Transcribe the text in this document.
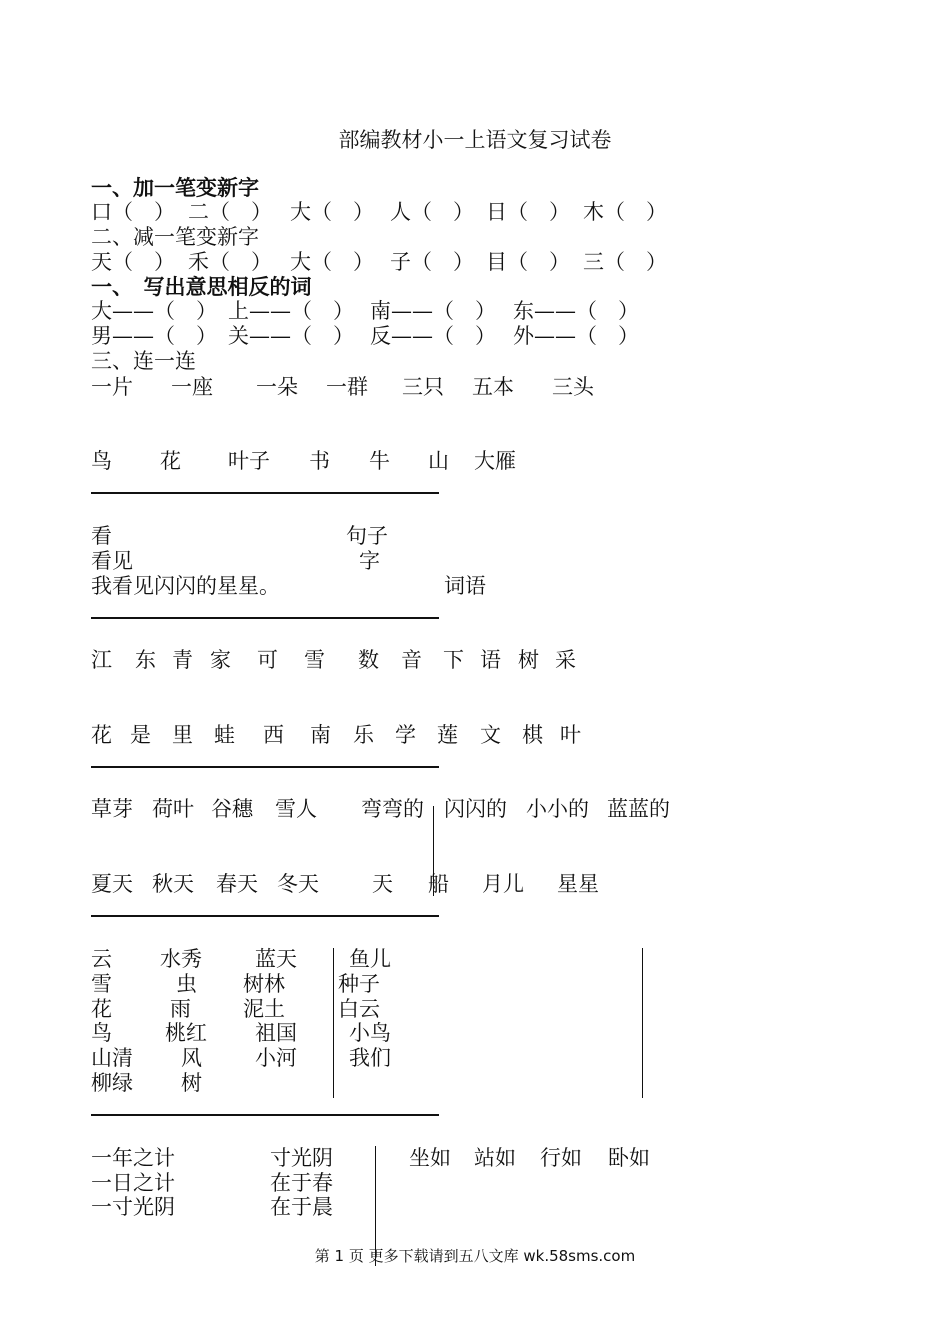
部编教材小一上语文复习试卷
一、加一笔变新字
口（　） 二（　） 大（　） 人（　） 日（　） 木（　）
二、减一笔变新字
天（　） 禾（　） 大（　） 子（　） 目（　） 三（　）
一、　写出意思相反的词
大——（　） 上——（　） 南——（　） 东——（　）
男——（　） 关——（　） 反——（　） 外——（　）
三、连一连
一片 一座 一朵 一群 三只 五本 三头
鸟 花 叶子 书 牛 山 大雁
看
看见
我看见闪闪的星星。
句子
字
词语
江 东 青 家 可 雪 数 音 下 语 树 采
花 是 里 蛙 西 南 乐 学 莲 文 棋 叶
草芽 荷叶 谷穗 雪人 弯弯的 闪闪的 小小的 蓝蓝的
夏天 秋天 春天 冬天	天 船 月儿 星星
云
雪
花
鸟
山清
柳绿
水秀
虫
雨
桃红
风
树
蓝天
树林
泥土
祖国
小河
鱼儿
种子
白云
小鸟
我们
一年之计
一日之计
一寸光阴
寸光阴
在于春
在于晨
坐如 站如 行如 卧如
第 1 页 更多下载请到五八文库 wk.58sms.com
